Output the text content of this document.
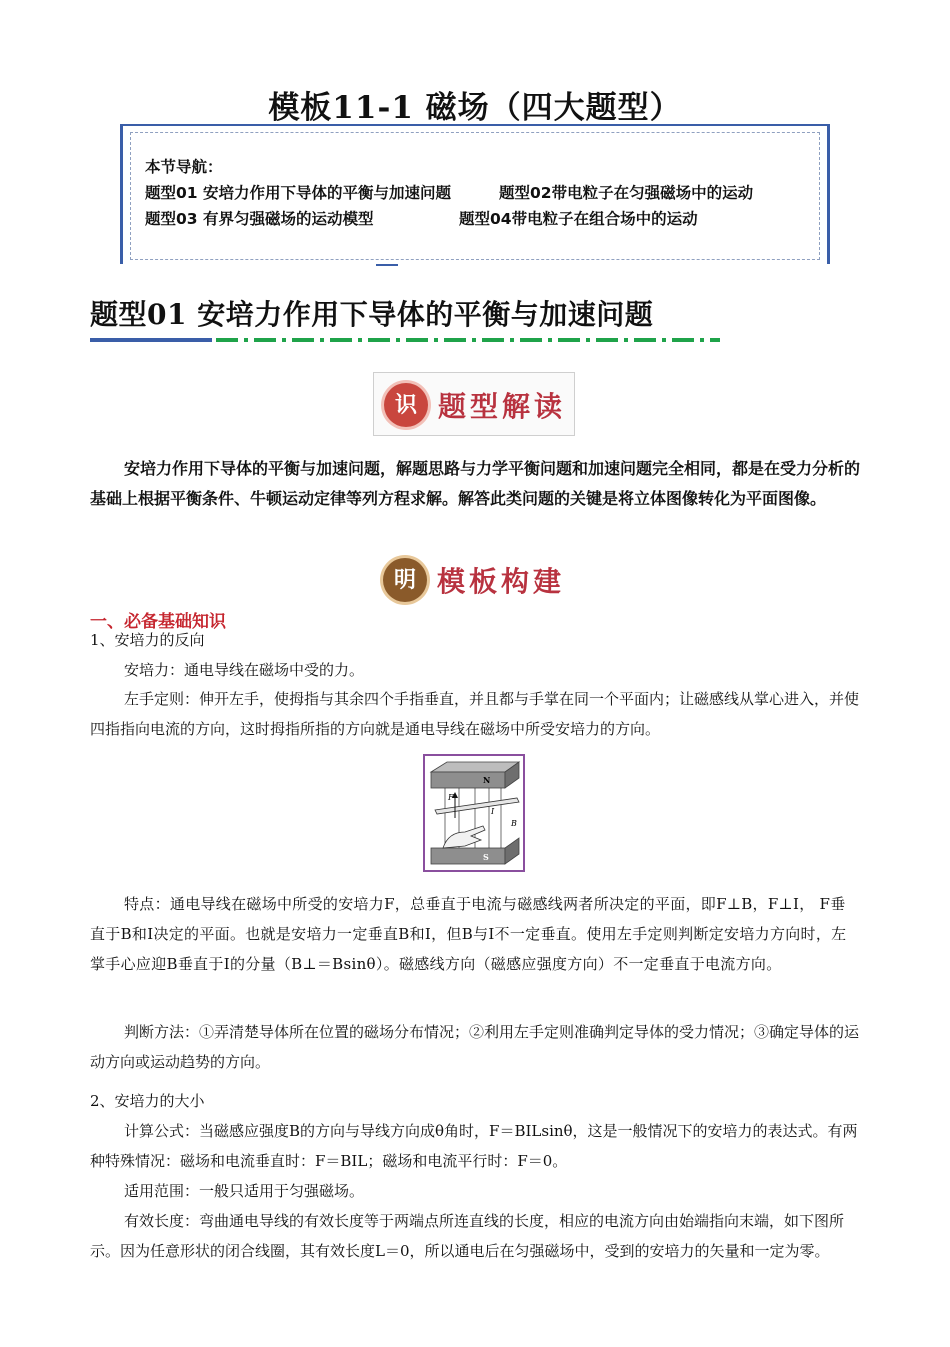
模板11-1 磁场（四大题型）
本节导航：
题型01 安培力作用下导体的平衡与加速问题	题型02带电粒子在匀强磁场中的运动
题型03 有界匀强磁场的运动模型	题型04带电粒子在组合场中的运动
题型01 安培力作用下导体的平衡与加速问题
识 题型解读

安培力作用下导体的平衡与加速问题，解题思路与力学平衡问题和加速问题完全相同，都是在受力分析的基础上根据平衡条件、牛顿运动定律等列方程求解。解答此类问题的关键是将立体图像转化为平面图像。

明 模板构建
一、必备基础知识
1、安培力的反向

安培力：通电导线在磁场中受的力。

左手定则：伸开左手，使拇指与其余四个手指垂直，并且都与手掌在同一个平面内；让磁感线从掌心进入，并使四指指向电流的方向，这时拇指所指的方向就是通电导线在磁场中所受安培力的方向。

N
S
F
I
B

特点：通电导线在磁场中所受的安培力F，总垂直于电流与磁感线两者所决定的平面，即F⊥B，F⊥I， F垂直于B和I决定的平面。也就是安培力一定垂直B和I，但B与I不一定垂直。使用左手定则判断定安培力方向时，左掌手心应迎B垂直于I的分量（B⊥＝Bsinθ）。磁感线方向（磁感应强度方向）不一定垂直于电流方向。

判断方法：①弄清楚导体所在位置的磁场分布情况；②利用左手定则准确判定导体的受力情况；③确定导体的运动方向或运动趋势的方向。

2、安培力的大小

计算公式：当磁感应强度B的方向与导线方向成θ角时，F＝BILsinθ，这是一般情况下的安培力的表达式。有两种特殊情况：磁场和电流垂直时：F＝BIL；磁场和电流平行时：F＝0。

适用范围：一般只适用于匀强磁场。

有效长度：弯曲通电导线的有效长度等于两端点所连直线的长度，相应的电流方向由始端指向末端，如下图所示。因为任意形状的闭合线圈，其有效长度L＝0，所以通电后在匀强磁场中，受到的安培力的矢量和一定为零。
